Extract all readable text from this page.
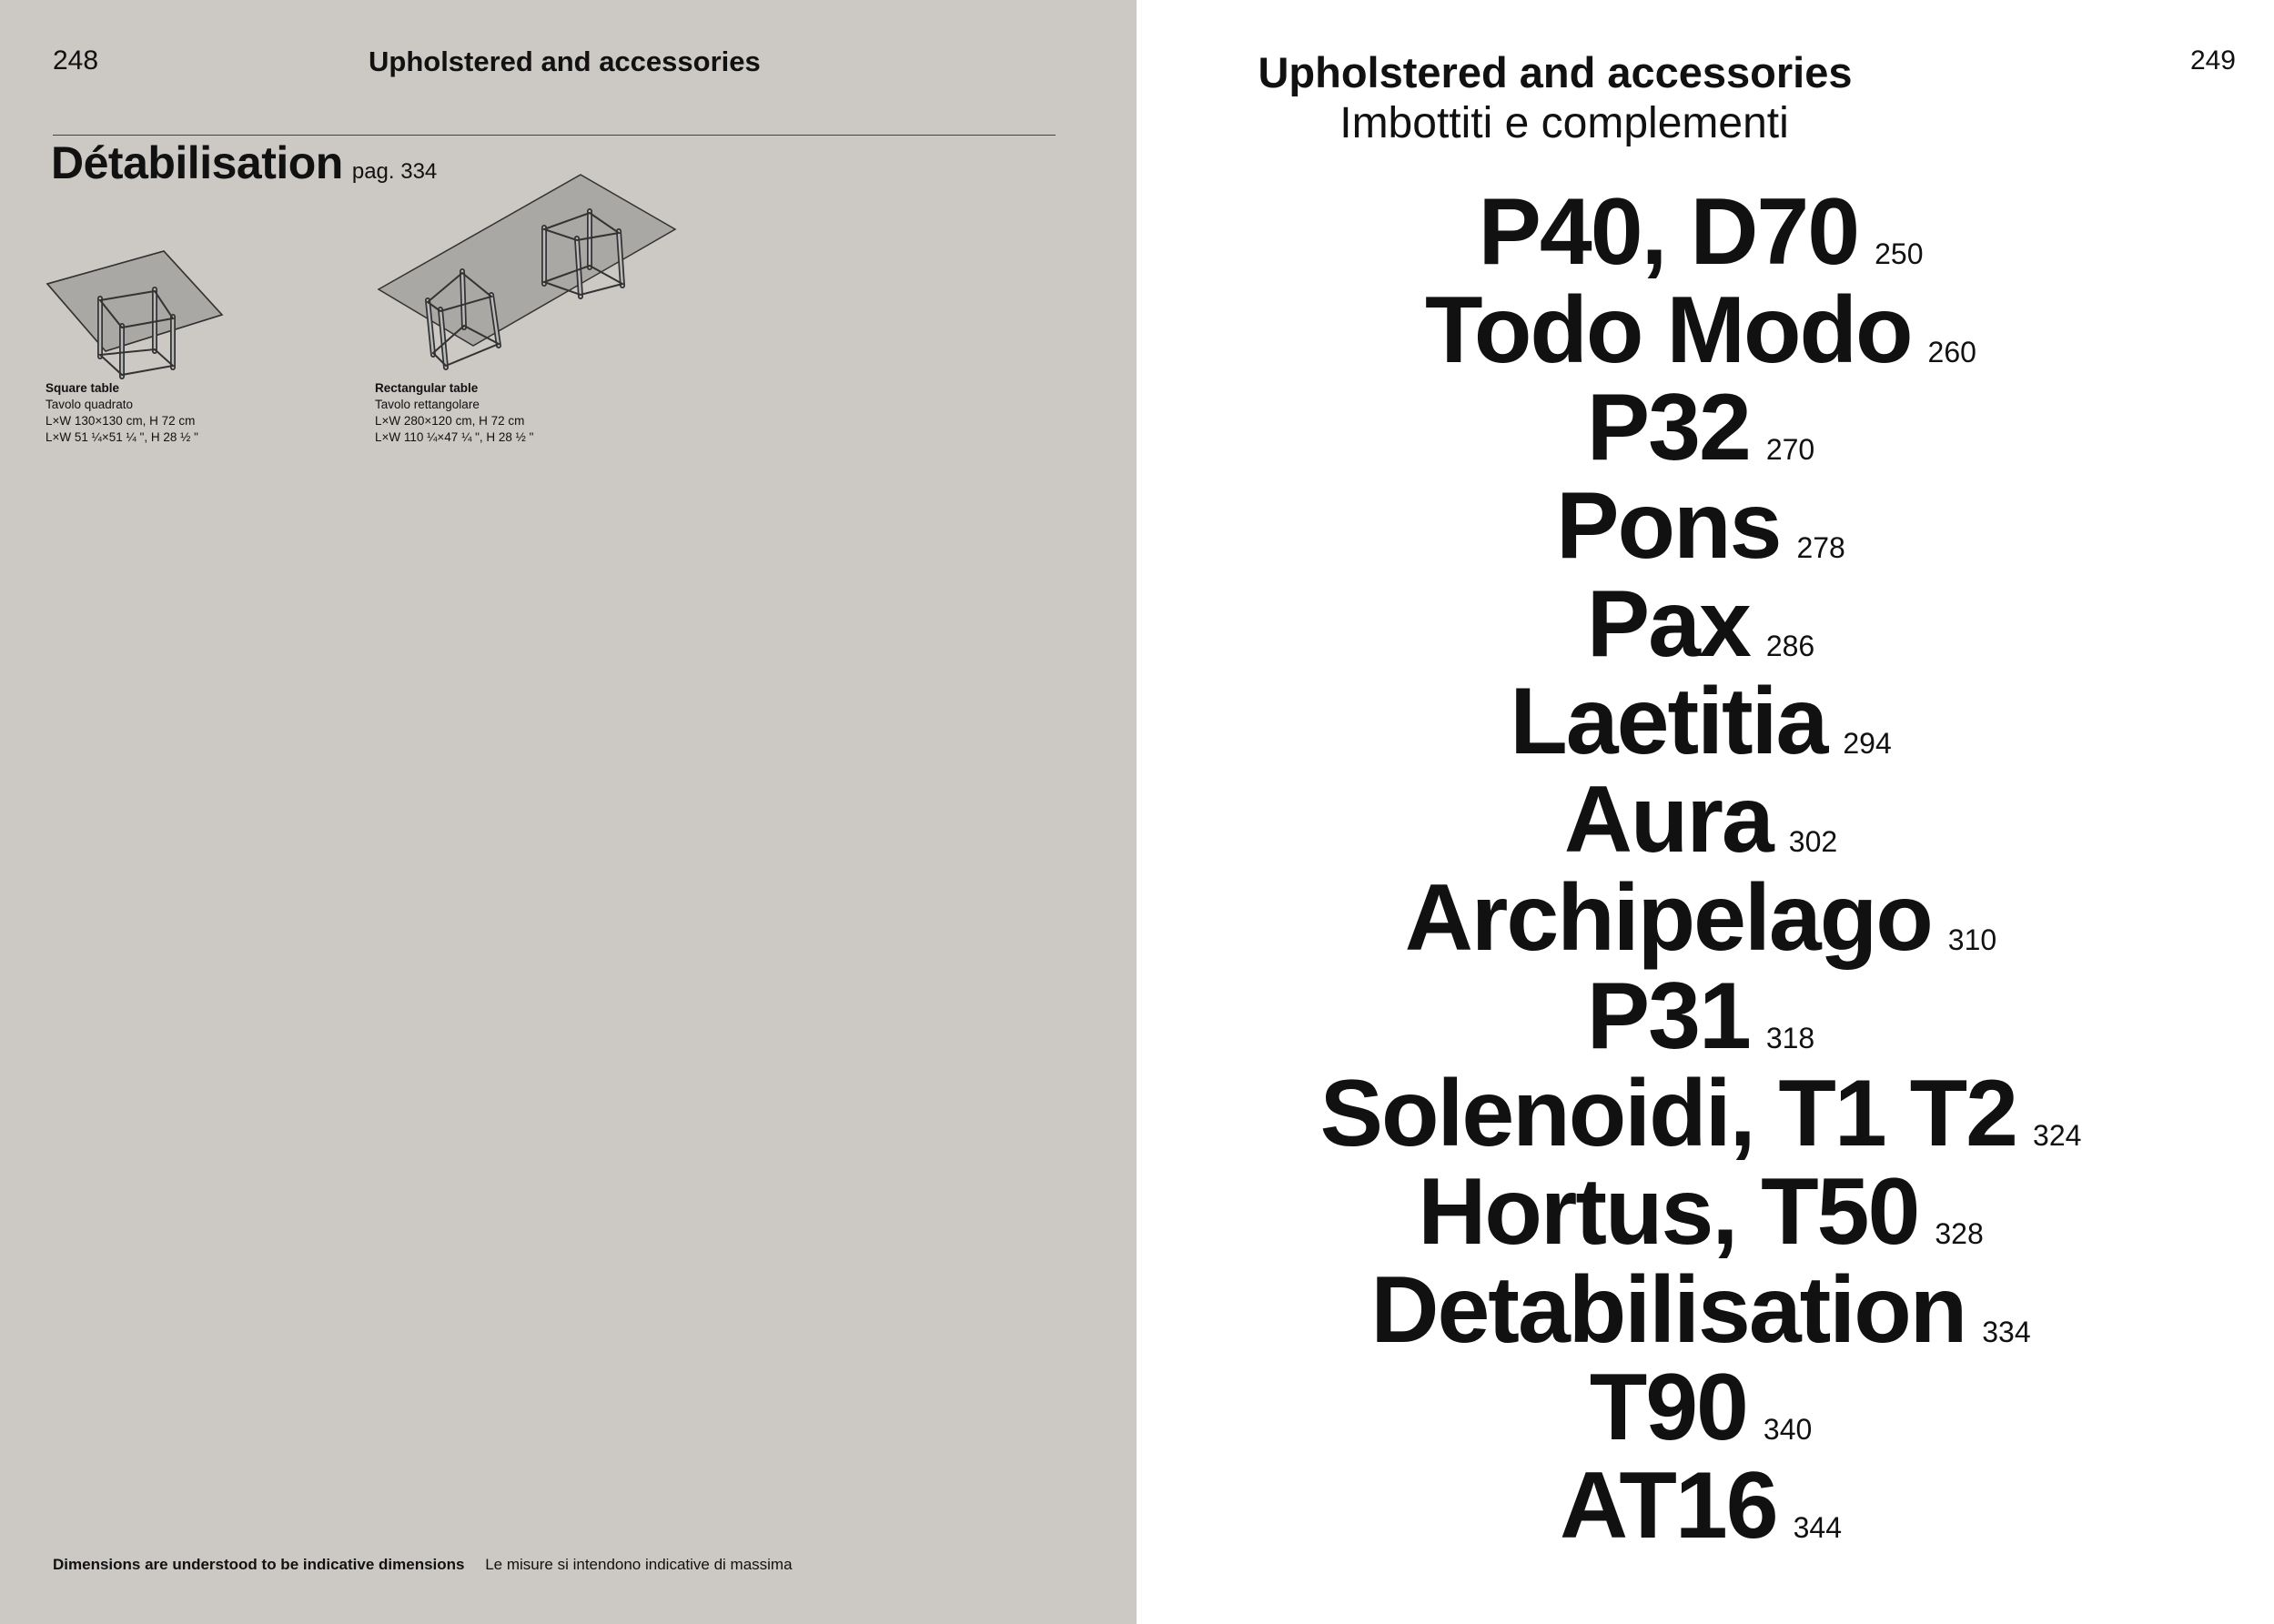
248	Upholstered and accessories
Détabilisation pag. 334
Square table
Tavolo quadrato
L×W 130×130 cm, H 72 cm
L×W 51 ¼×51 ¼ ", H 28 ½ "
Rectangular table
Tavolo rettangolare
L×W 280×120 cm, H 72 cm
L×W 110 ¼×47 ¼ ", H 28 ½ "
Dimensions are understood to be indicative dimensions Le misure si intendono indicative di massima
249
Upholstered and accessories
Imbottiti e complementi
P40, D70 250
Todo Modo 260
P32 270
Pons 278
Pax 286
Laetitia 294
Aura 302
Archipelago 310
P31 318
Solenoidi, T1 T2 324
Hortus, T50 328
Detabilisation 334
T90 340
AT16 344
